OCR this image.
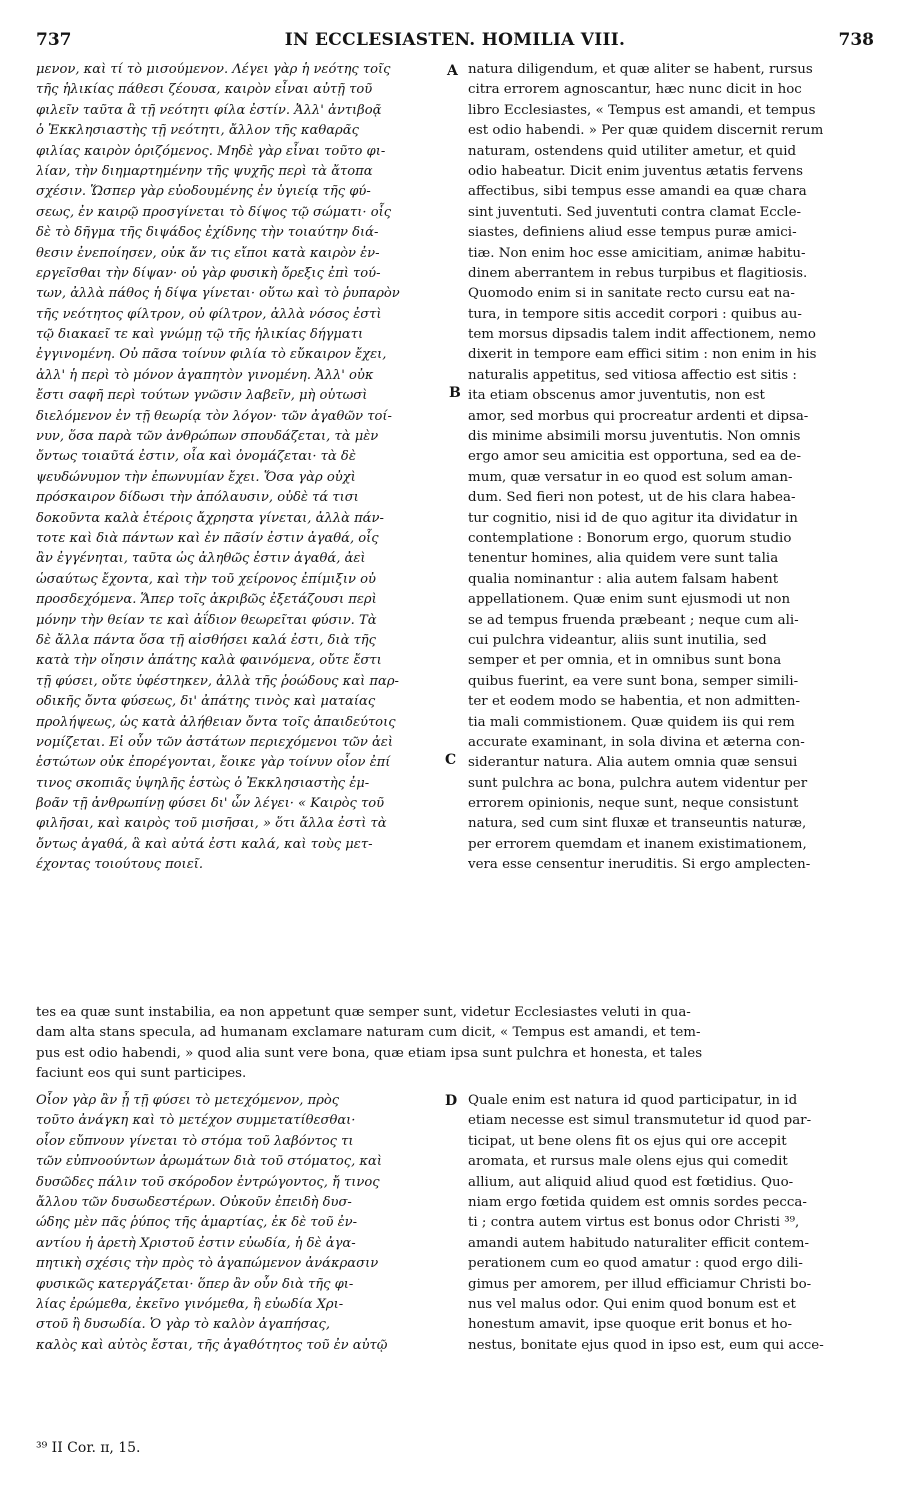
737	IN ECCLESIASTEN. HOMILIA VIII.	738
μενον, καὶ τί τὸ μισούμενον. Λέγει γὰρ ἡ νεότης τοῖς
τῆς ἡλικίας πάθεσι ζέουσα, καιρὸν εἶναι αὐτῇ τοῦ
φιλεῖν ταῦτα ἃ τῇ νεότητι φίλα ἐστίν. Ἀλλ' ἀντιβοᾷ
ὁ Ἐκκλησιαστὴς τῇ νεότητι, ἄλλον τῆς καθαρᾶς
φιλίας καιρὸν ὁριζόμενος. Μηδὲ γὰρ εἶναι τοῦτο φι-
λίαν, τὴν διημαρτημένην τῆς ψυχῆς περὶ τὰ ἄτοπα
σχέσιν. Ὥσπερ γὰρ εὐοδουμένης ἐν ὑγιείᾳ τῆς φύ-
σεως, ἐν καιρῷ προσγίνεται τὸ δίψος τῷ σώματι· οἷς
δὲ τὸ δῆγμα τῆς διψάδος ἐχίδνης τὴν τοιαύτην διά-
θεσιν ἐνεποίησεν, οὐκ ἄν τις εἴποι κατὰ καιρὸν ἐν-
εργεῖσθαι τὴν δίψαν· οὐ γὰρ φυσικὴ ὄρεξις ἐπὶ τού-
των, ἀλλὰ πάθος ἡ δίψα γίνεται· οὕτω καὶ τὸ ῥυπαρὸν
τῆς νεότητος φίλτρον, οὐ φίλτρον, ἀλλὰ νόσος ἐστὶ
τῷ διακαεῖ τε καὶ γνώμῃ τῷ τῆς ἡλικίας δήγματι
ἐγγινομένη. Οὐ πᾶσα τοίνυν φιλία τὸ εὔκαιρον ἔχει,
ἀλλ' ἡ περὶ τὸ μόνον ἀγαπητὸν γινομένη. Ἀλλ' οὐκ
ἔστι σαφῆ περὶ τούτων γνῶσιν λαβεῖν, μὴ οὑτωσὶ
διελόμενον ἐν τῇ θεωρίᾳ τὸν λόγον· τῶν ἀγαθῶν τοί-
νυν, ὅσα παρὰ τῶν ἀνθρώπων σπουδάζεται, τὰ μὲν
ὄντως τοιαῦτά ἐστιν, οἷα καὶ ὀνομάζεται· τὰ δὲ
ψευδώνυμον τὴν ἐπωνυμίαν ἔχει. Ὅσα γὰρ οὐχὶ
πρόσκαιρον δίδωσι τὴν ἀπόλαυσιν, οὐδὲ τά τισι
δοκοῦντα καλὰ ἑτέροις ἄχρηστα γίνεται, ἀλλὰ πάν-
τοτε καὶ διὰ πάντων καὶ ἐν πᾶσίν ἐστιν ἀγαθά, οἷς
ἂν ἐγγένηται, ταῦτα ὡς ἀληθῶς ἐστιν ἀγαθά, ἀεὶ
ὡσαύτως ἔχοντα, καὶ τὴν τοῦ χείρονος ἐπίμιξιν οὐ
προσδεχόμενα. Ἅπερ τοῖς ἀκριβῶς ἐξετάζουσι περὶ
μόνην τὴν θείαν τε καὶ ἀΐδιον θεωρεῖται φύσιν. Τὰ
δὲ ἄλλα πάντα ὅσα τῇ αἰσθήσει καλά ἐστι, διὰ τῆς
κατὰ τὴν οἴησιν ἀπάτης καλὰ φαινόμενα, οὔτε ἔστι
τῇ φύσει, οὔτε ὑφέστηκεν, ἀλλὰ τῆς ῥοώδους καὶ παρ-
οδικῆς ὄντα φύσεως, δι' ἀπάτης τινὸς καὶ ματαίας
προλήψεως, ὡς κατὰ ἀλήθειαν ὄντα τοῖς ἀπαιδεύτοις
νομίζεται. Εἰ οὖν τῶν ἀστάτων περιεχόμενοι τῶν ἀεὶ
ἑστώτων οὐκ ἐπορέγονται, ἔοικε γὰρ τοίνυν οἷον ἐπί
τινος σκοπιᾶς ὑψηλῆς ἑστὼς ὁ Ἐκκλησιαστὴς ἐμ-
βοᾶν τῇ ἀνθρωπίνῃ φύσει δι' ὧν λέγει· « Καιρὸς τοῦ
φιλῆσαι, καὶ καιρὸς τοῦ μισῆσαι, » ὅτι ἄλλα ἐστὶ τὰ
ὄντως ἀγαθά, ἃ καὶ αὐτά ἐστι καλά, καὶ τοὺς μετ-
έχοντας τοιούτους ποιεῖ.
natura diligendum, et quæ aliter se habent, rursus
citra errorem agnoscantur, hæc nunc dicit in hoc
libro Ecclesiastes, « Tempus est amandi, et tempus
est odio habendi. » Per quæ quidem discernit rerum
naturam, ostendens quid utiliter ametur, et quid
odio habeatur. Dicit enim juventus ætatis fervens
affectibus, sibi tempus esse amandi ea quæ chara
sint juventuti. Sed juventuti contra clamat Eccle-
siastes, definiens aliud esse tempus puræ amici-
tiæ. Non enim hoc esse amicitiam, animæ habitu-
dinem aberrantem in rebus turpibus et flagitiosis.
Quomodo enim si in sanitate recto cursu eat na-
tura, in tempore sitis accedit corpori : quibus au-
tem morsus dipsadis talem indit affectionem, nemo
dixerit in tempore eam effici sitim : non enim in his
naturalis appetitus, sed vitiosa affectio est sitis :
ita etiam obscenus amor juventutis, non est
amor, sed morbus qui procreatur ardenti et dipsa-
dis minime absimili morsu juventutis. Non omnis
ergo amor seu amicitia est opportuna, sed ea de-
mum, quæ versatur in eo quod est solum aman-
dum. Sed fieri non potest, ut de his clara habea-
tur cognitio, nisi id de quo agitur ita dividatur in
contemplatione : Bonorum ergo, quorum studio
tenentur homines, alia quidem vere sunt talia
qualia nominantur : alia autem falsam habent
appellationem. Quæ enim sunt ejusmodi ut non
se ad tempus fruenda præbeant ; neque cum ali-
cui pulchra videantur, aliis sunt inutilia, sed
semper et per omnia, et in omnibus sunt bona
quibus fuerint, ea vere sunt bona, semper simili-
ter et eodem modo se habentia, et non admitten-
tia mali commistionem. Quæ quidem iis qui rem
accurate examinant, in sola divina et æterna con-
siderantur natura. Alia autem omnia quæ sensui
sunt pulchra ac bona, pulchra autem videntur per
errorem opinionis, neque sunt, neque consistunt
natura, sed cum sint fluxæ et transeuntis naturæ,
per errorem quemdam et inanem existimationem,
vera esse censentur ineruditis. Si ergo amplecten-
A
B
C
D
tes ea quæ sunt instabilia, ea non appetunt quæ semper sunt, videtur Ecclesiastes veluti in qua-
dam alta stans specula, ad humanam exclamare naturam cum dicit, « Tempus est amandi, et tem-
pus est odio habendi, » quod alia sunt vere bona, quæ etiam ipsa sunt pulchra et honesta, et tales
faciunt eos qui sunt participes.
Οἷον γὰρ ἂν ᾖ τῇ φύσει τὸ μετεχόμενον, πρὸς
τοῦτο ἀνάγκη καὶ τὸ μετέχον συμμετατίθεσθαι·
οἷον εὔπνουν γίνεται τὸ στόμα τοῦ λαβόντος τι
τῶν εὐπνοούντων ἀρωμάτων διὰ τοῦ στόματος, καὶ
δυσῶδες πάλιν τοῦ σκόροδον ἐντρώγοντος, ἤ τινος
ἄλλου τῶν δυσωδεστέρων. Οὐκοῦν ἐπειδὴ δυσ-
ώδης μὲν πᾶς ῥύπος τῆς ἁμαρτίας, ἐκ δὲ τοῦ ἐν-
αντίου ἡ ἀρετὴ Χριστοῦ ἐστιν εὐωδία, ἡ δὲ ἀγα-
πητικὴ σχέσις τὴν πρὸς τὸ ἀγαπώμενον ἀνάκρασιν
φυσικῶς κατεργάζεται· ὅπερ ἂν οὖν διὰ τῆς φι-
λίας ἐρώμεθα, ἐκεῖνο γινόμεθα, ἢ εὐωδία Χρι-
στοῦ ἢ δυσωδία. Ὁ γὰρ τὸ καλὸν ἀγαπήσας,
καλὸς καὶ αὐτὸς ἔσται, τῆς ἀγαθότητος τοῦ ἐν αὐτῷ
Quale enim est natura id quod participatur, in id
etiam necesse est simul transmutetur id quod par-
ticipat, ut bene olens fit os ejus qui ore accepit
aromata, et rursus male olens ejus qui comedit
allium, aut aliquid aliud quod est fœtidius. Quo-
niam ergo fœtida quidem est omnis sordes pecca-
ti ; contra autem virtus est bonus odor Christi ³⁹,
amandi autem habitudo naturaliter efficit contem-
perationem cum eo quod amatur : quod ergo dili-
gimus per amorem, per illud efficiamur Christi bo-
nus vel malus odor. Qui enim quod bonum est et
honestum amavit, ipse quoque erit bonus et ho-
nestus, bonitate ejus quod in ipso est, eum qui acce-
³⁹ II Cor. ɪɪ, 15.
